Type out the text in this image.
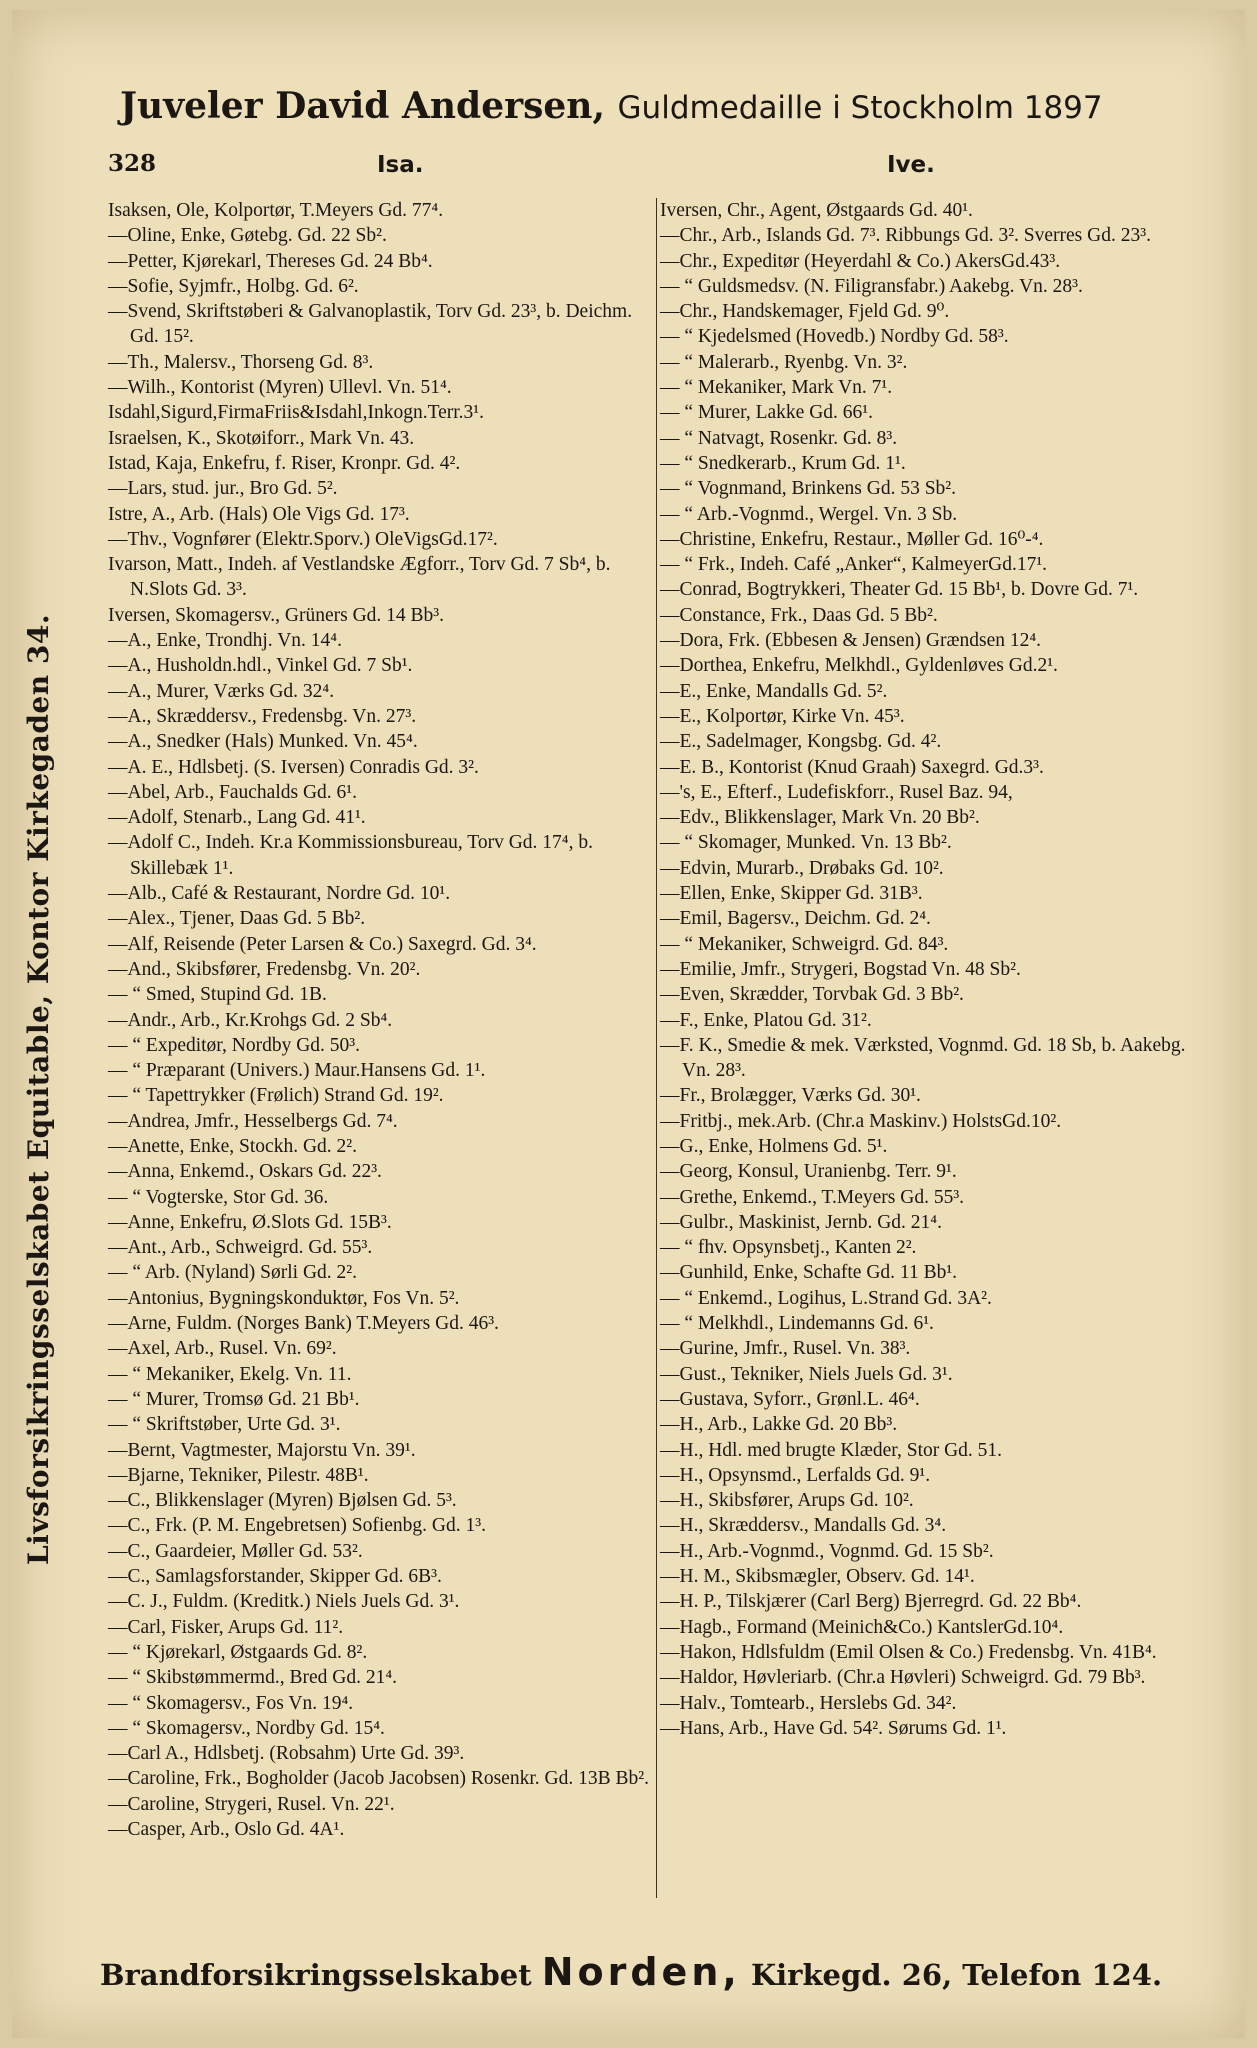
Juveler David Andersen, Guldmedaille i Stockholm 1897
328	Isa.	Ive.
Livsforsikringsselskabet Equitable, Kontor Kirkegaden 34.

Isaksen, Ole, Kolportør, T.Meyers Gd. 77⁴.

—Oline, Enke, Gøtebg. Gd. 22 Sb².

—Petter, Kjørekarl, Thereses Gd. 24 Bb⁴.

—Sofie, Syjmfr., Holbg. Gd. 6².

—Svend, Skriftstøberi & Galvanoplastik, Torv Gd. 23³, b. Deichm. Gd. 15².

—Th., Malersv., Thorseng Gd. 8³.

—Wilh., Kontorist (Myren) Ullevl. Vn. 51⁴.

Isdahl,Sigurd,FirmaFriis&Isdahl,Inkogn.Terr.3¹.

Israelsen, K., Skotøiforr., Mark Vn. 43.

Istad, Kaja, Enkefru, f. Riser, Kronpr. Gd. 4².

—Lars, stud. jur., Bro Gd. 5².

Istre, A., Arb. (Hals) Ole Vigs Gd. 17³.

—Thv., Vognfører (Elektr.Sporv.) OleVigsGd.17².

Ivarson, Matt., Indeh. af Vestlandske Ægforr., Torv Gd. 7 Sb⁴, b. N.Slots Gd. 3³.

Iversen, Skomagersv., Grüners Gd. 14 Bb³.

—A., Enke, Trondhj. Vn. 14⁴.

—A., Husholdn.hdl., Vinkel Gd. 7 Sb¹.

—A., Murer, Værks Gd. 32⁴.

—A., Skræddersv., Fredensbg. Vn. 27³.

—A., Snedker (Hals) Munked. Vn. 45⁴.

—A. E., Hdlsbetj. (S. Iversen) Conradis Gd. 3².

—Abel, Arb., Fauchalds Gd. 6¹.

—Adolf, Stenarb., Lang Gd. 41¹.

—Adolf C., Indeh. Kr.a Kommissionsbureau, Torv Gd. 17⁴, b. Skillebæk 1¹.

—Alb., Café & Restaurant, Nordre Gd. 10¹.

—Alex., Tjener, Daas Gd. 5 Bb².

—Alf, Reisende (Peter Larsen & Co.) Saxegrd. Gd. 3⁴.

—And., Skibsfører, Fredensbg. Vn. 20².

— “ Smed, Stupind Gd. 1B.

—Andr., Arb., Kr.Krohgs Gd. 2 Sb⁴.

— “ Expeditør, Nordby Gd. 50³.

— “ Præparant (Univers.) Maur.Hansens Gd. 1¹.

— “ Tapettrykker (Frølich) Strand Gd. 19².

—Andrea, Jmfr., Hesselbergs Gd. 7⁴.

—Anette, Enke, Stockh. Gd. 2².

—Anna, Enkemd., Oskars Gd. 22³.

— “ Vogterske, Stor Gd. 36.

—Anne, Enkefru, Ø.Slots Gd. 15B³.

—Ant., Arb., Schweigrd. Gd. 55³.

— “ Arb. (Nyland) Sørli Gd. 2².

—Antonius, Bygningskonduktør, Fos Vn. 5².

—Arne, Fuldm. (Norges Bank) T.Meyers Gd. 46³.

—Axel, Arb., Rusel. Vn. 69².

— “ Mekaniker, Ekelg. Vn. 11.

— “ Murer, Tromsø Gd. 21 Bb¹.

— “ Skriftstøber, Urte Gd. 3¹.

—Bernt, Vagtmester, Majorstu Vn. 39¹.

—Bjarne, Tekniker, Pilestr. 48B¹.

—C., Blikkenslager (Myren) Bjølsen Gd. 5³.

—C., Frk. (P. M. Engebretsen) Sofienbg. Gd. 1³.

—C., Gaardeier, Møller Gd. 53².

—C., Samlagsforstander, Skipper Gd. 6B³.

—C. J., Fuldm. (Kreditk.) Niels Juels Gd. 3¹.

—Carl, Fisker, Arups Gd. 11².

— “ Kjørekarl, Østgaards Gd. 8².

— “ Skibstømmermd., Bred Gd. 21⁴.

— “ Skomagersv., Fos Vn. 19⁴.

— “ Skomagersv., Nordby Gd. 15⁴.

—Carl A., Hdlsbetj. (Robsahm) Urte Gd. 39³.

—Caroline, Frk., Bogholder (Jacob Jacobsen) Rosenkr. Gd. 13B Bb².

—Caroline, Strygeri, Rusel. Vn. 22¹.

—Casper, Arb., Oslo Gd. 4A¹.

Iversen, Chr., Agent, Østgaards Gd. 40¹.

—Chr., Arb., Islands Gd. 7³. Ribbungs Gd. 3². Sverres Gd. 23³.

—Chr., Expeditør (Heyerdahl & Co.) AkersGd.43³.

— “ Guldsmedsv. (N. Filigransfabr.) Aakebg. Vn. 28³.

—Chr., Handskemager, Fjeld Gd. 9⁰.

— “ Kjedelsmed (Hovedb.) Nordby Gd. 58³.

— “ Malerarb., Ryenbg. Vn. 3².

— “ Mekaniker, Mark Vn. 7¹.

— “ Murer, Lakke Gd. 66¹.

— “ Natvagt, Rosenkr. Gd. 8³.

— “ Snedkerarb., Krum Gd. 1¹.

— “ Vognmand, Brinkens Gd. 53 Sb².

— “ Arb.-Vognmd., Wergel. Vn. 3 Sb.

—Christine, Enkefru, Restaur., Møller Gd. 16⁰-⁴.

— “ Frk., Indeh. Café „Anker“, KalmeyerGd.17¹.

—Conrad, Bogtrykkeri, Theater Gd. 15 Bb¹, b. Dovre Gd. 7¹.

—Constance, Frk., Daas Gd. 5 Bb².

—Dora, Frk. (Ebbesen & Jensen) Grændsen 12⁴.

—Dorthea, Enkefru, Melkhdl., Gyldenløves Gd.2¹.

—E., Enke, Mandalls Gd. 5².

—E., Kolportør, Kirke Vn. 45³.

—E., Sadelmager, Kongsbg. Gd. 4².

—E. B., Kontorist (Knud Graah) Saxegrd. Gd.3³.

—'s, E., Efterf., Ludefiskforr., Rusel Baz. 94,

—Edv., Blikkenslager, Mark Vn. 20 Bb².

— “ Skomager, Munked. Vn. 13 Bb².

—Edvin, Murarb., Drøbaks Gd. 10².

—Ellen, Enke, Skipper Gd. 31B³.

—Emil, Bagersv., Deichm. Gd. 2⁴.

— “ Mekaniker, Schweigrd. Gd. 84³.

—Emilie, Jmfr., Strygeri, Bogstad Vn. 48 Sb².

—Even, Skrædder, Torvbak Gd. 3 Bb².

—F., Enke, Platou Gd. 31².

—F. K., Smedie & mek. Værksted, Vognmd. Gd. 18 Sb, b. Aakebg. Vn. 28³.

—Fr., Brolægger, Værks Gd. 30¹.

—Fritbj., mek.Arb. (Chr.a Maskinv.) HolstsGd.10².

—G., Enke, Holmens Gd. 5¹.

—Georg, Konsul, Uranienbg. Terr. 9¹.

—Grethe, Enkemd., T.Meyers Gd. 55³.

—Gulbr., Maskinist, Jernb. Gd. 21⁴.

— “ fhv. Opsynsbetj., Kanten 2².

—Gunhild, Enke, Schafte Gd. 11 Bb¹.

— “ Enkemd., Logihus, L.Strand Gd. 3A².

— “ Melkhdl., Lindemanns Gd. 6¹.

—Gurine, Jmfr., Rusel. Vn. 38³.

—Gust., Tekniker, Niels Juels Gd. 3¹.

—Gustava, Syforr., Grønl.L. 46⁴.

—H., Arb., Lakke Gd. 20 Bb³.

—H., Hdl. med brugte Klæder, Stor Gd. 51.

—H., Opsynsmd., Lerfalds Gd. 9¹.

—H., Skibsfører, Arups Gd. 10².

—H., Skræddersv., Mandalls Gd. 3⁴.

—H., Arb.-Vognmd., Vognmd. Gd. 15 Sb².

—H. M., Skibsmægler, Observ. Gd. 14¹.

—H. P., Tilskjærer (Carl Berg) Bjerregrd. Gd. 22 Bb⁴.

—Hagb., Formand (Meinich&Co.) KantslerGd.10⁴.

—Hakon, Hdlsfuldm (Emil Olsen & Co.) Fredensbg. Vn. 41B⁴.

—Haldor, Høvleriarb. (Chr.a Høvleri) Schweigrd. Gd. 79 Bb³.

—Halv., Tomtearb., Herslebs Gd. 34².

—Hans, Arb., Have Gd. 54². Sørums Gd. 1¹.

Brandforsikringsselskabet Norden, Kirkegd. 26, Telefon 124.
